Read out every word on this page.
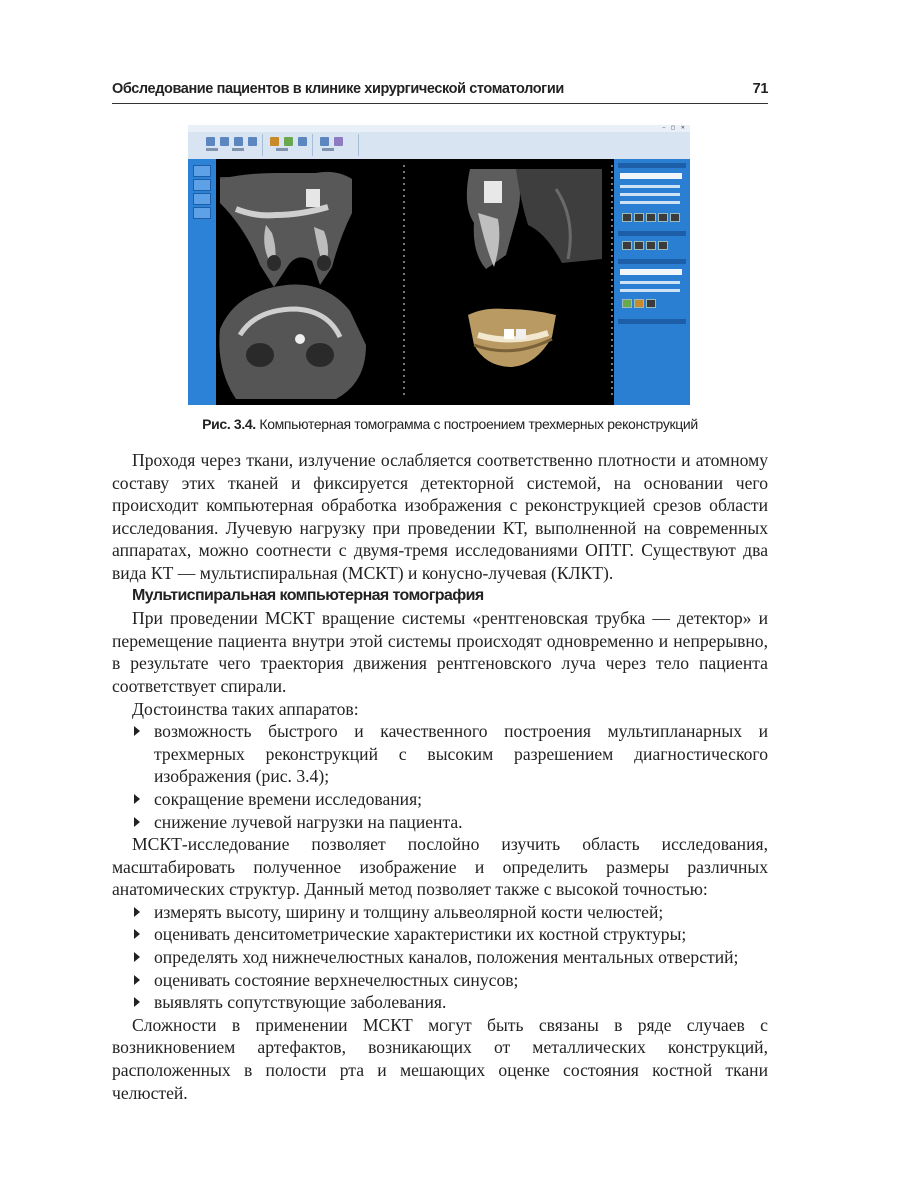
Обследование пациентов в клинике хирургической стоматологии	71
– ▢ ✕
Рис. 3.4. Компьютерная томограмма с построением трехмерных реконструкций

Проходя через ткани, излучение ослабляется соответственно плотности и атомному составу этих тканей и фиксируется детекторной системой, на основании чего происходит компьютерная обработка изображения с реконструкцией срезов области исследования. Лучевую нагрузку при проведении КТ, выполненной на современных аппаратах, можно соотнести с двумя-тремя исследованиями ОПТГ. Существуют два вида КТ — мультиспиральная (МСКТ) и конусно-лучевая (КЛКТ).

Мультиспиральная компьютерная томография

При проведении МСКТ вращение системы «рентгеновская трубка — детектор» и перемещение пациента внутри этой системы происходят одновременно и непрерывно, в результате чего траектория движения рентгеновского луча через тело пациента соответствует спирали.

Достоинства таких аппаратов:

возможность быстрого и качественного построения мультипланарных и трехмерных реконструкций с высоким разрешением диагностического изображения (рис. 3.4);
сокращение времени исследования;
снижение лучевой нагрузки на пациента.

МСКТ-исследование позволяет послойно изучить область исследования, масштабировать полученное изображение и определить размеры различных анатомических структур. Данный метод позволяет также с высокой точностью:

измерять высоту, ширину и толщину альвеолярной кости челюстей;
оценивать денситометрические характеристики их костной структуры;
определять ход нижнечелюстных каналов, положения ментальных отверстий;
оценивать состояние верхнечелюстных синусов;
выявлять сопутствующие заболевания.

Сложности в применении МСКТ могут быть связаны в ряде случаев с возникновением артефактов, возникающих от металлических конструкций, расположенных в полости рта и мешающих оценке состояния костной ткани челюстей.
